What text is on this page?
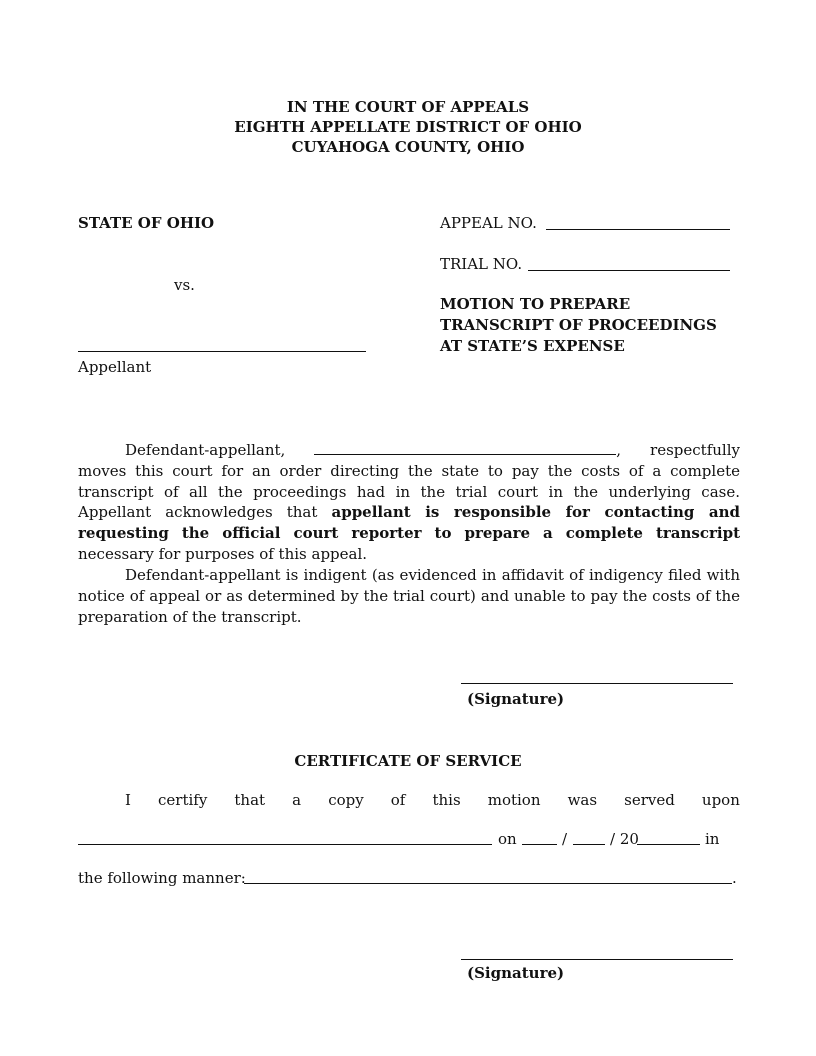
IN THE COURT OF APPEALS
EIGHTH APPELLATE DISTRICT OF OHIO
CUYAHOGA COUNTY, OHIO
STATE OF OHIO
vs.
Appellant
APPEAL NO.
TRIAL NO.
MOTION TO PREPARE
TRANSCRIPT OF PROCEEDINGS
AT STATE’S EXPENSE
Defendant-appellant,	, respectfully moves this court for an order directing the state to pay the costs of a complete transcript of all the proceedings had in the trial court in the underlying case. Appellant acknowledges that appellant is responsible for contacting and requesting the official court reporter to prepare a complete transcript necessary for purposes of this appeal.
Defendant-appellant is indigent (as evidenced in affidavit of indigency filed with notice of appeal or as determined by the trial court) and unable to pay the costs of the preparation of the transcript.
(Signature)
CERTIFICATE OF SERVICE
I certify that a copy of this motion was served upon
on	/	/ 20	in
the following manner:	.
(Signature)
